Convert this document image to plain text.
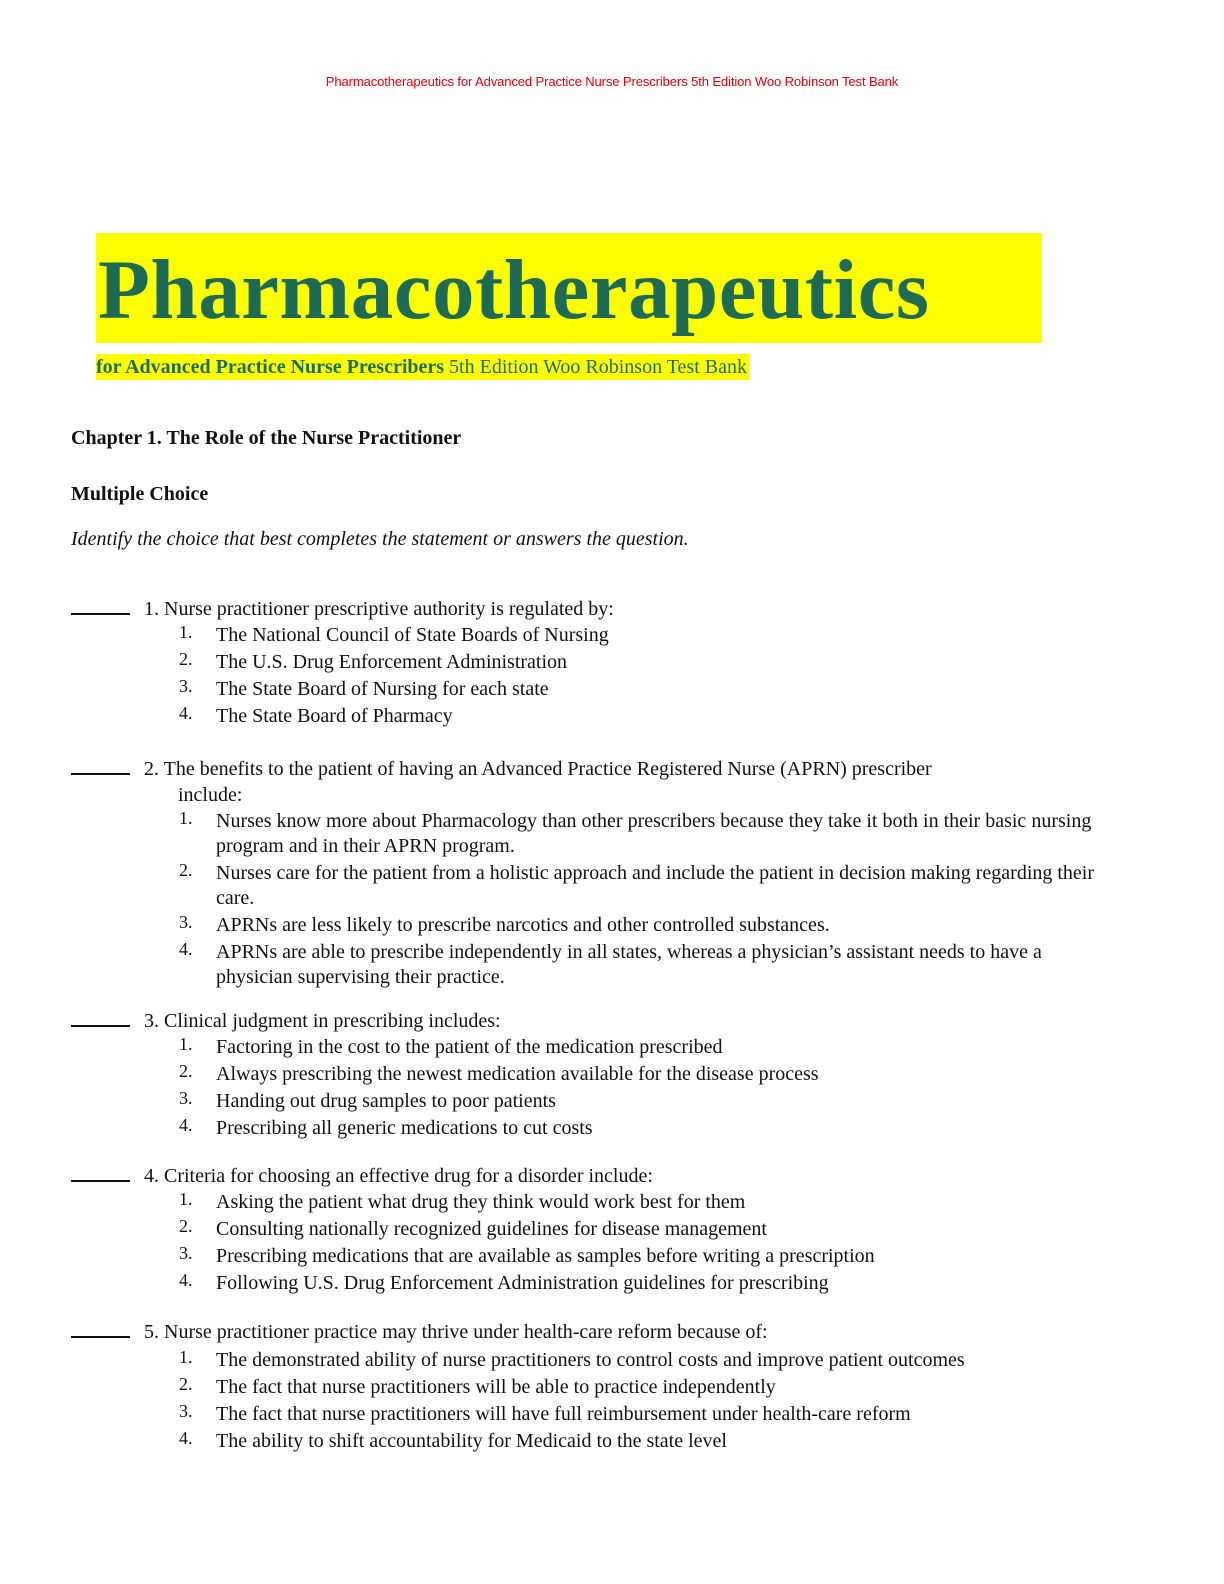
Pharmacotherapeutics for Advanced Practice Nurse Prescribers 5th Edition Woo Robinson Test Bank
Pharmacotherapeutics
for Advanced Practice Nurse Prescribers 5th Edition Woo Robinson Test Bank
Chapter 1. The Role of the Nurse Practitioner
Multiple Choice
Identify the choice that best completes the statement or answers the question.
1. Nurse practitioner prescriptive authority is regulated by:
1. The National Council of State Boards of Nursing
2. The U.S. Drug Enforcement Administration
3. The State Board of Nursing for each state
4. The State Board of Pharmacy
2. The benefits to the patient of having an Advanced Practice Registered Nurse (APRN) prescriber
include:
1. Nurses know more about Pharmacology than other prescribers because they take it both in their basic nursing program and in their APRN program.
2. Nurses care for the patient from a holistic approach and include the patient in decision making regarding their care.
3. APRNs are less likely to prescribe narcotics and other controlled substances.
4. APRNs are able to prescribe independently in all states, whereas a physician’s assistant needs to have a physician supervising their practice.
3. Clinical judgment in prescribing includes:
1. Factoring in the cost to the patient of the medication prescribed
2. Always prescribing the newest medication available for the disease process
3. Handing out drug samples to poor patients
4. Prescribing all generic medications to cut costs
4. Criteria for choosing an effective drug for a disorder include:
1. Asking the patient what drug they think would work best for them
2. Consulting nationally recognized guidelines for disease management
3. Prescribing medications that are available as samples before writing a prescription
4. Following U.S. Drug Enforcement Administration guidelines for prescribing
5. Nurse practitioner practice may thrive under health-care reform because of:
1. The demonstrated ability of nurse practitioners to control costs and improve patient outcomes
2. The fact that nurse practitioners will be able to practice independently
3. The fact that nurse practitioners will have full reimbursement under health-care reform
4. The ability to shift accountability for Medicaid to the state level
